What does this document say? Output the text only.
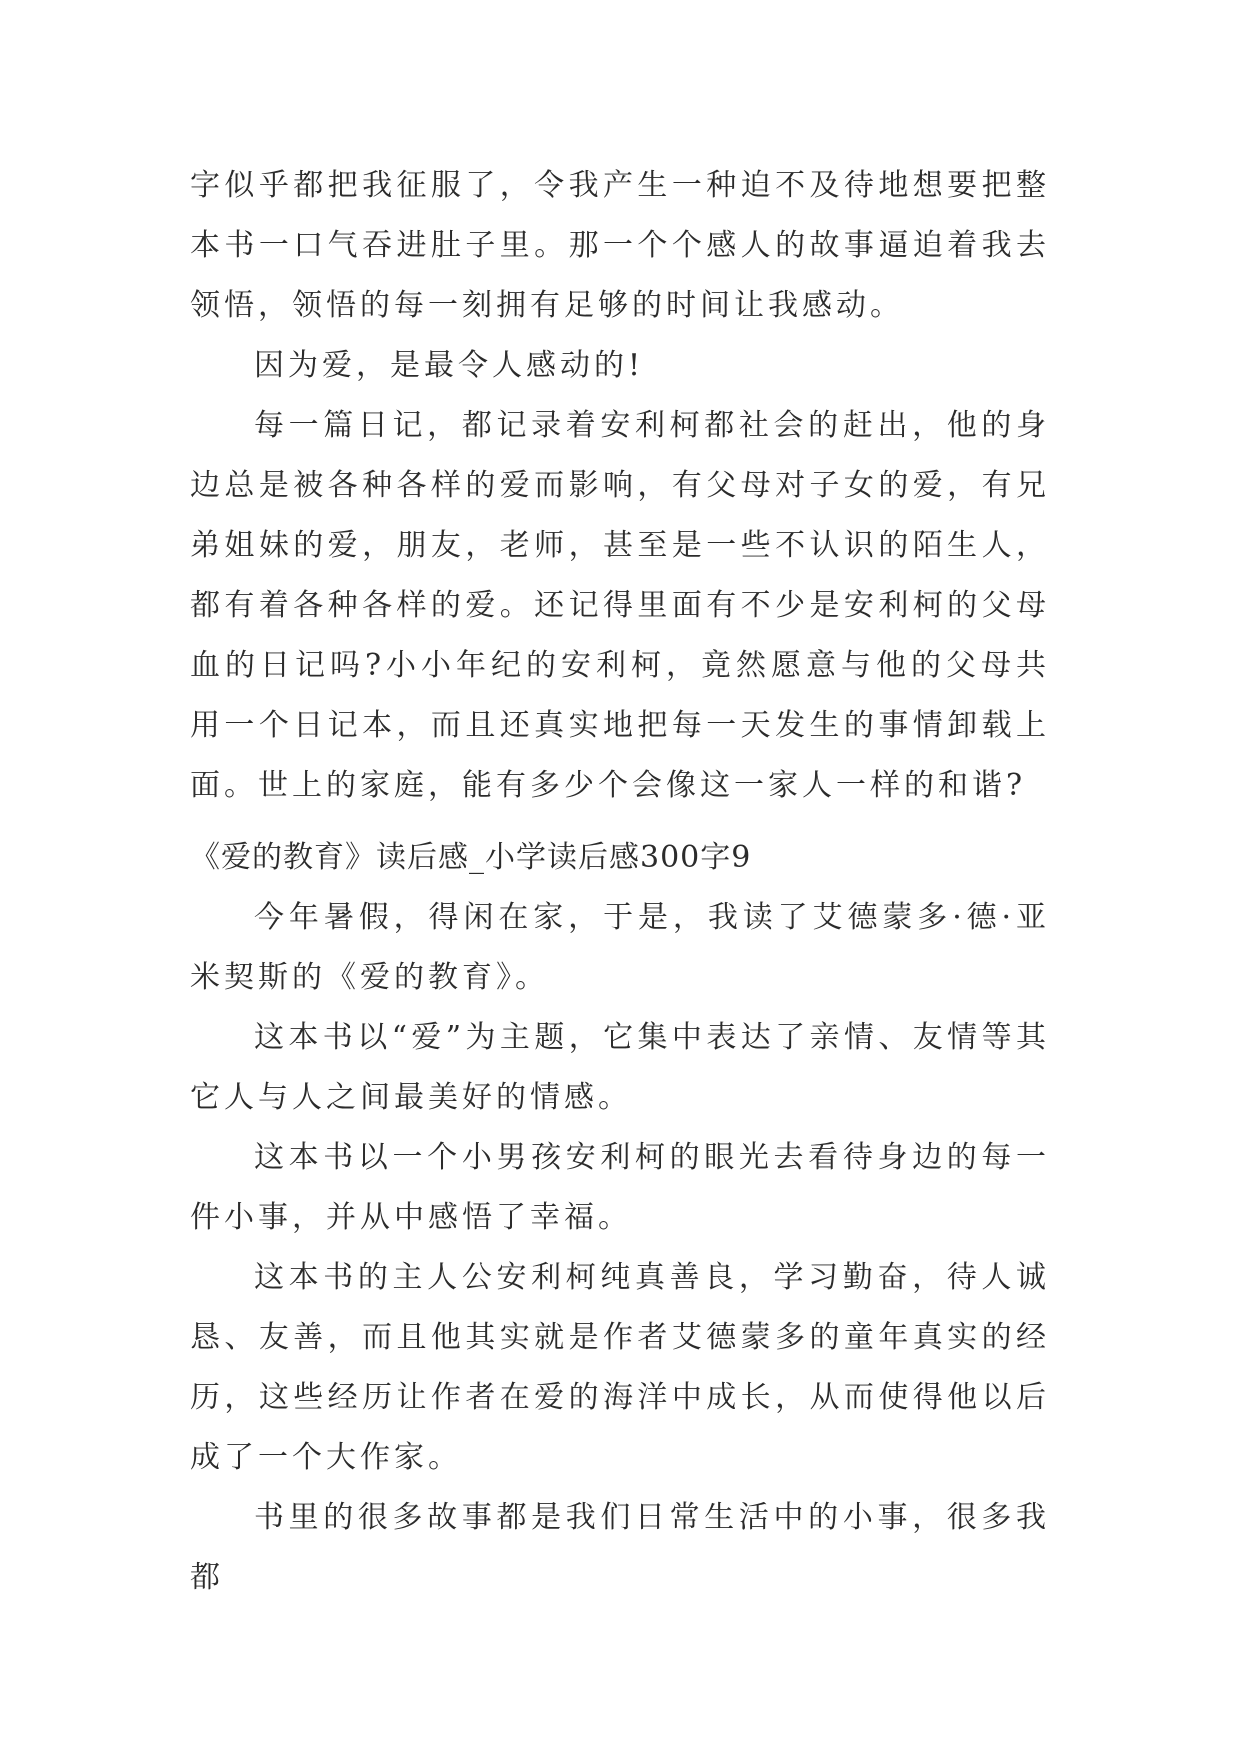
字似乎都把我征服了，令我产生一种迫不及待地想要把整本书一口气吞进肚子里。那一个个感人的故事逼迫着我去领悟，领悟的每一刻拥有足够的时间让我感动。

因为爱，是最令人感动的!

每一篇日记，都记录着安利柯都社会的赶出，他的身边总是被各种各样的爱而影响，有父母对子女的爱，有兄弟姐妹的爱，朋友，老师，甚至是一些不认识的陌生人，都有着各种各样的爱。还记得里面有不少是安利柯的父母血的日记吗?小小年纪的安利柯，竟然愿意与他的父母共用一个日记本，而且还真实地把每一天发生的事情卸载上面。世上的家庭，能有多少个会像这一家人一样的和谐?

《爱的教育》读后感_小学读后感300字9

今年暑假，得闲在家，于是，我读了艾德蒙多·德·亚米契斯的《爱的教育》。

这本书以“爱”为主题，它集中表达了亲情、友情等其它人与人之间最美好的情感。

这本书以一个小男孩安利柯的眼光去看待身边的每一件小事，并从中感悟了幸福。

这本书的主人公安利柯纯真善良，学习勤奋，待人诚恳、友善，而且他其实就是作者艾德蒙多的童年真实的经历，这些经历让作者在爱的海洋中成长，从而使得他以后成了一个大作家。

书里的很多故事都是我们日常生活中的小事，很多我都
